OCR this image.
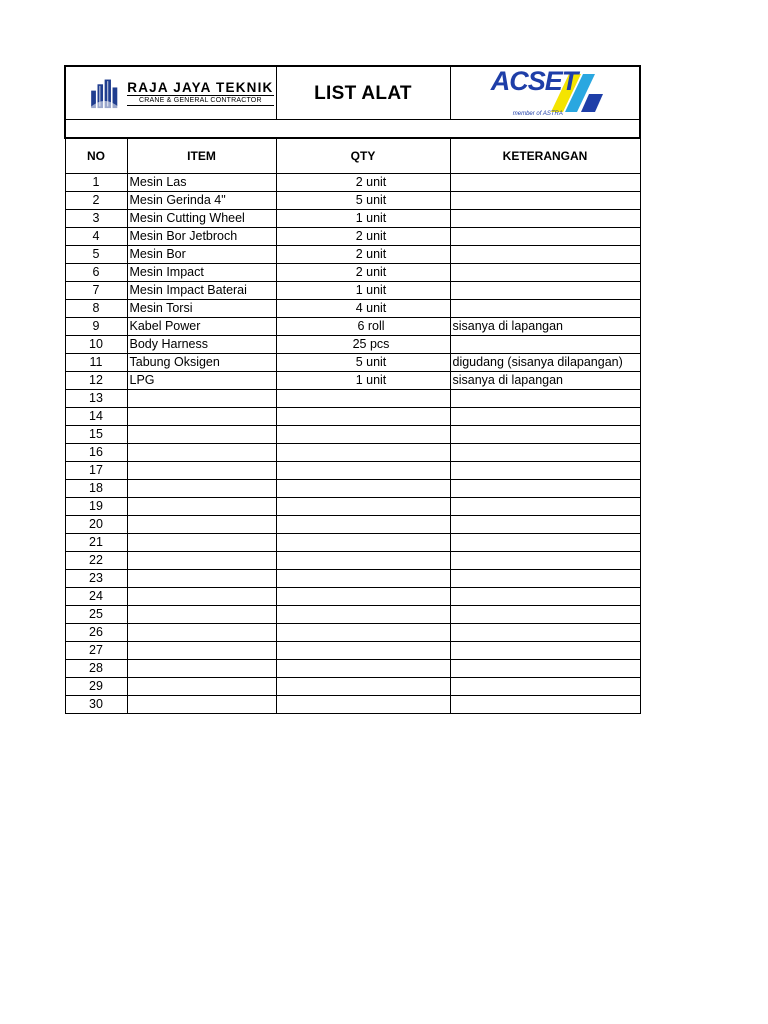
RAJA JAYA TEKNIK
CRANE & GENERAL CONTRACTOR		LIST ALAT	ACSET
member of ASTRA

NO	ITEM	QTY	KETERANGAN
1	Mesin Las	2 unit	
2	Mesin Gerinda 4"	5 unit	
3	Mesin Cutting Wheel	1 unit	
4	Mesin Bor Jetbroch	2 unit	
5	Mesin Bor	2 unit	
6	Mesin Impact	2 unit	
7	Mesin Impact Baterai	1 unit	
8	Mesin Torsi	4 unit	
9	Kabel Power	6 roll	sisanya di lapangan
10	Body Harness	25 pcs	
11	Tabung Oksigen	5 unit	digudang (sisanya dilapangan)
12	LPG	1 unit	sisanya di lapangan
13			
14			
15			
16			
17			
18			
19			
20			
21			
22			
23			
24			
25			
26			
27			
28			
29			
30			
